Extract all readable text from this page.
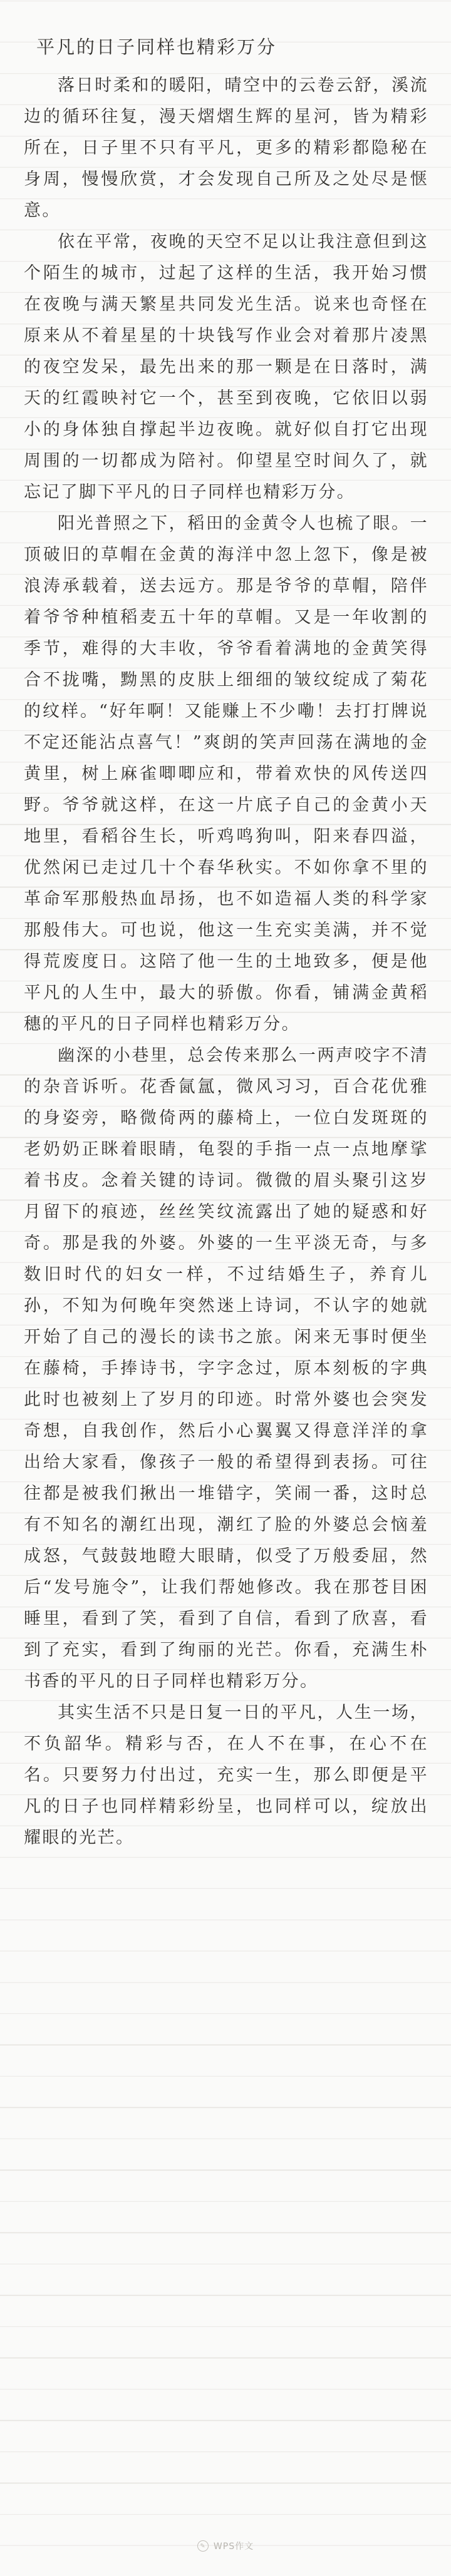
平凡的日子同样也精彩万分

落日时柔和的暖阳，晴空中的云卷云舒，溪流边的循环往复，漫天熠熠生辉的星河，皆为精彩所在，日子里不只有平凡，更多的精彩都隐秘在身周，慢慢欣赏，才会发现自己所及之处尽是惬意。

依在平常，夜晚的天空不足以让我注意但到这个陌生的城市，过起了这样的生活，我开始习惯在夜晚与满天繁星共同发光生活。说来也奇怪在原来从不着星星的十块钱写作业会对着那片凌黑的夜空发呆，最先出来的那一颗是在日落时，满天的红霞映衬它一个，甚至到夜晚，它依旧以弱小的身体独自撑起半边夜晚。就好似自打它出现周围的一切都成为陪衬。仰望星空时间久了，就忘记了脚下平凡的日子同样也精彩万分。

阳光普照之下，稻田的金黄令人也梳了眼。一顶破旧的草帽在金黄的海洋中忽上忽下，像是被浪涛承载着，送去远方。那是爷爷的草帽，陪伴着爷爷种植稻麦五十年的草帽。又是一年收割的季节，难得的大丰收，爷爷看着满地的金黄笑得合不拢嘴，黝黑的皮肤上细细的皱纹绽成了菊花的纹样。“好年啊！又能赚上不少嘞！去打打牌说不定还能沾点喜气！”爽朗的笑声回荡在满地的金黄里，树上麻雀唧唧应和，带着欢快的风传送四野。爷爷就这样，在这一片底子自己的金黄小天地里，看稻谷生长，听鸡鸣狗叫，阳来春四溢，优然闲已走过几十个春华秋实。不如你拿不里的革命军那般热血昂扬，也不如造福人类的科学家那般伟大。可也说，他这一生充实美满，并不觉得荒废度日。这陪了他一生的土地致多，便是他平凡的人生中，最大的骄傲。你看，铺满金黄稻穗的平凡的日子同样也精彩万分。

幽深的小巷里，总会传来那么一两声咬字不清的杂音诉听。花香氤氲，微风习习，百合花优雅的身姿旁，略微倚两的藤椅上，一位白发斑斑的老奶奶正眯着眼睛，龟裂的手指一点一点地摩挲着书皮。念着关键的诗词。微微的眉头聚引这岁月留下的痕迹，丝丝笑纹流露出了她的疑惑和好奇。那是我的外婆。外婆的一生平淡无奇，与多数旧时代的妇女一样，不过结婚生子，养育儿孙，不知为何晚年突然迷上诗词，不认字的她就开始了自己的漫长的读书之旅。闲来无事时便坐在藤椅，手捧诗书，字字念过，原本刻板的字典此时也被刻上了岁月的印迹。时常外婆也会突发奇想，自我创作，然后小心翼翼又得意洋洋的拿出给大家看，像孩子一般的希望得到表扬。可往往都是被我们揪出一堆错字，笑闹一番，这时总有不知名的潮红出现，潮红了脸的外婆总会恼羞成怒，气鼓鼓地瞪大眼睛，似受了万般委屈，然后“发号施令”，让我们帮她修改。我在那苍目困睡里，看到了笑，看到了自信，看到了欣喜，看到了充实，看到了绚丽的光芒。你看，充满生朴书香的平凡的日子同样也精彩万分。

其实生活不只是日复一日的平凡，人生一场，不负韶华。精彩与否，在人不在事，在心不在名。只要努力付出过，充实一生，那么即便是平凡的日子也同样精彩纷呈，也同样可以，绽放出耀眼的光芒。

✎ WPS作文
